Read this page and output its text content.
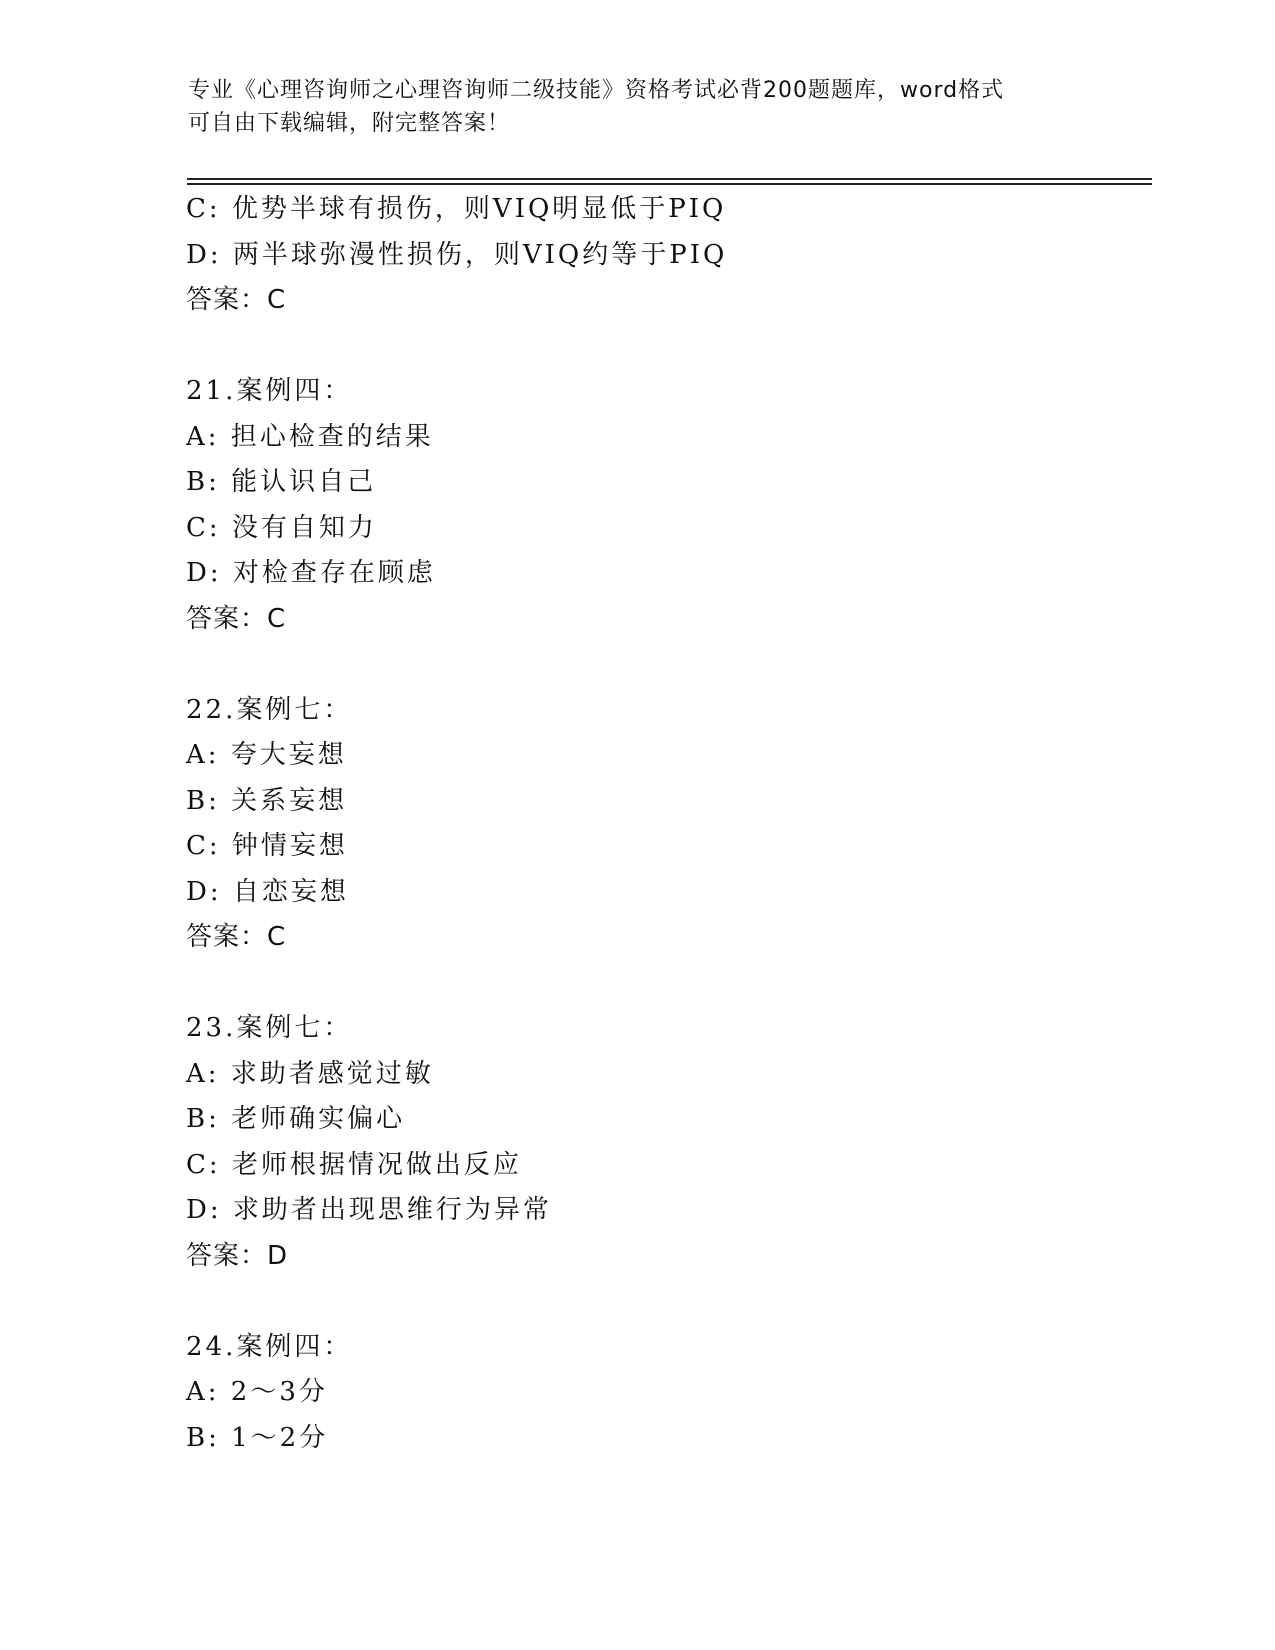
专业《心理咨询师之心理咨询师二级技能》资格考试必背200题题库，word格式
可自由下载编辑，附完整答案！
C: 优势半球有损伤，则VIQ明显低于PIQ
D: 两半球弥漫性损伤，则VIQ约等于PIQ
答案：C
21.案例四：
A: 担心检查的结果
B: 能认识自己
C: 没有自知力
D: 对检查存在顾虑
答案：C
22.案例七：
A: 夸大妄想
B: 关系妄想
C: 钟情妄想
D: 自恋妄想
答案：C
23.案例七：
A: 求助者感觉过敏
B: 老师确实偏心
C: 老师根据情况做出反应
D: 求助者出现思维行为异常
答案：D
24.案例四：
A: 2～3分
B: 1～2分
